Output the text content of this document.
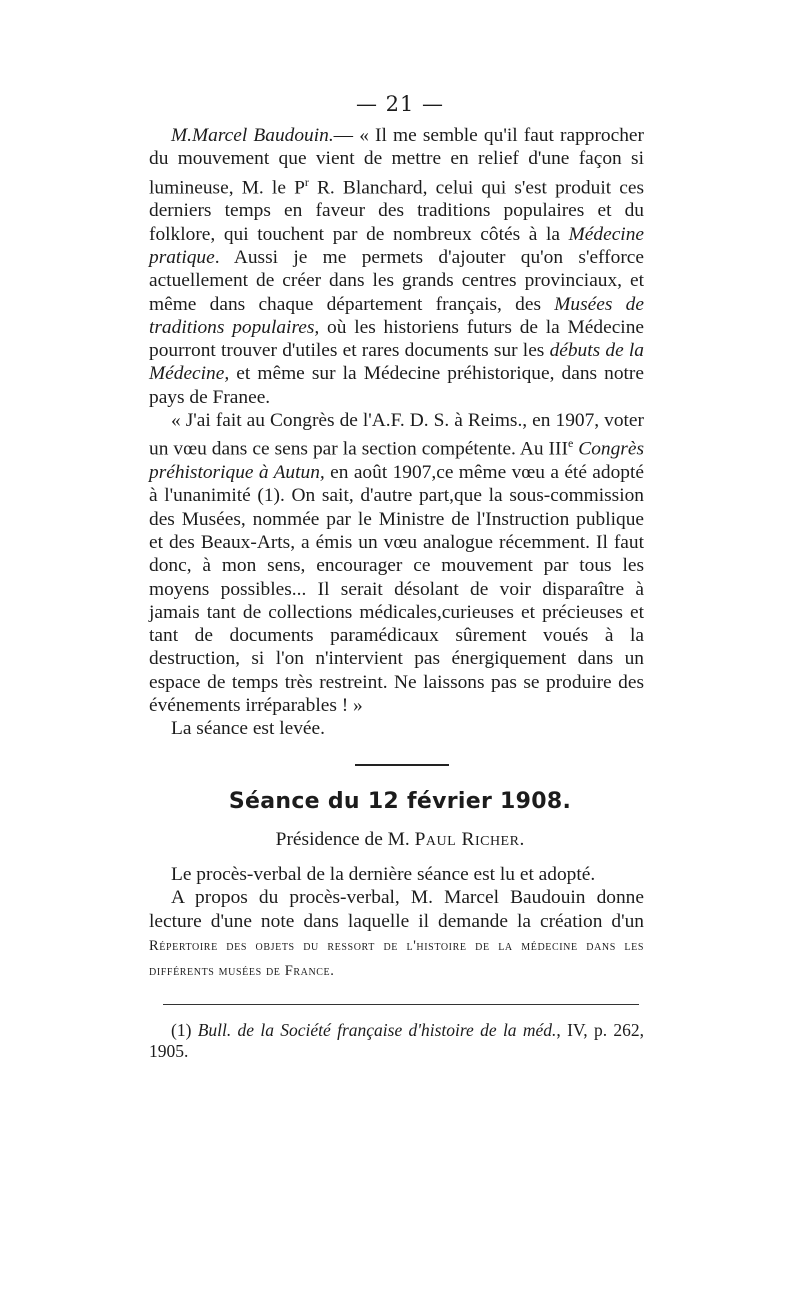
— 21 —

M.Marcel Baudouin.— « Il me semble qu'il faut rapprocher du mouvement que vient de mettre en relief d'une façon si lumineuse, M. le $P^r$ R. Blanchard, celui qui s'est produit ces derniers temps en faveur des traditions populaires et du folklore, qui touchent par de nombreux côtés à la Médecine pratique. Aussi je me permets d'ajouter qu'on s'efforce actuellement de créer dans les grands centres provinciaux, et même dans chaque département français, des Musées de traditions populaires, où les historiens futurs de la Médecine pourront trouver d'utiles et rares documents sur les débuts de la Médecine, et même sur la Médecine préhistorique, dans notre pays de Franee.

« J'ai fait au Congrès de l'A.F. D. S. à Reims., en 1907, voter un vœu dans ce sens par la section compétente. Au IIIe Congrès préhistorique à Autun, en août 1907,ce même vœu a été adopté à l'unanimité (1). On sait, d'autre part,que la sous-commission des Musées, nommée par le Ministre de l'Instruction publique et des Beaux-Arts, a émis un vœu analogue récemment. Il faut donc, à mon sens, encourager ce mouvement par tous les moyens possibles... Il serait désolant de voir disparaître à jamais tant de collections médicales,curieuses et précieuses et tant de documents paramédicaux sûrement voués à la destruction, si l'on n'intervient pas énergiquement dans un espace de temps très restreint. Ne laissons pas se produire des événements irréparables ! »

La séance est levée.

Séance du 12 février 1908.
Présidence de M. Paul Richer.

Le procès-verbal de la dernière séance est lu et adopté.

A propos du procès-verbal, M. Marcel Baudouin donne lecture d'une note dans laquelle il demande la création d'un Répertoire des objets du ressort de l'histoire de la médecine dans les différents musées de France.

(1) Bull. de la Société française d'histoire de la méd., IV, p. 262, 1905.
